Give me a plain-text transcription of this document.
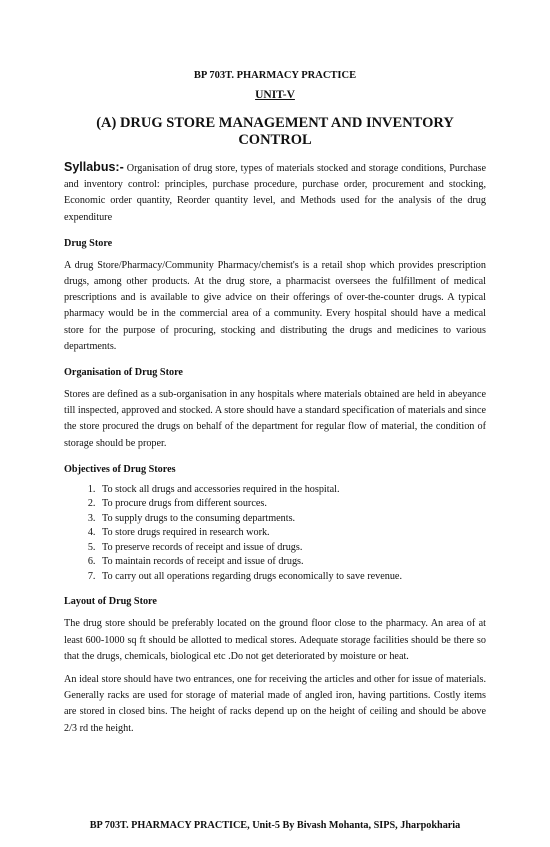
BP 703T. PHARMACY PRACTICE
UNIT-V
(A) DRUG STORE MANAGEMENT AND INVENTORY CONTROL
Syllabus:- Organisation of drug store, types of materials stocked and storage conditions, Purchase and inventory control: principles, purchase procedure, purchase order, procurement and stocking, Economic order quantity, Reorder quantity level, and Methods used for the analysis of the drug expenditure
Drug Store

A drug Store/Pharmacy/Community Pharmacy/chemist's is a retail shop which provides prescription drugs, among other products. At the drug store, a pharmacist oversees the fulfillment of medical prescriptions and is available to give advice on their offerings of over-the-counter drugs. A typical pharmacy would be in the commercial area of a community. Every hospital should have a medical store for the purpose of procuring, stocking and distributing the drugs and medicines to various departments.

Organisation of Drug Store

Stores are defined as a sub-organisation in any hospitals where materials obtained are held in abeyance till inspected, approved and stocked. A store should have a standard specification of materials and since the store procured the drugs on behalf of the department for regular flow of material, the condition of storage should be proper.

Objectives of Drug Stores
1. To stock all drugs and accessories required in the hospital.
2. To procure drugs from different sources.
3. To supply drugs to the consuming departments.
4. To store drugs required in research work.
5. To preserve records of receipt and issue of drugs.
6. To maintain records of receipt and issue of drugs.
7. To carry out all operations regarding drugs economically to save revenue.
Layout of Drug Store

The drug store should be preferably located on the ground floor close to the pharmacy. An area of at least 600-1000 sq ft should be allotted to medical stores. Adequate storage facilities should be there so that the drugs, chemicals, biological etc .Do not get deteriorated by moisture or heat.

An ideal store should have two entrances, one for receiving the articles and other for issue of materials. Generally racks are used for storage of material made of angled iron, having partitions. Costly items are stored in closed bins. The height of racks depend up on the height of ceiling and should be above 2/3 rd the height.

BP 703T. PHARMACY PRACTICE, Unit-5 By Bivash Mohanta, SIPS, Jharpokharia
